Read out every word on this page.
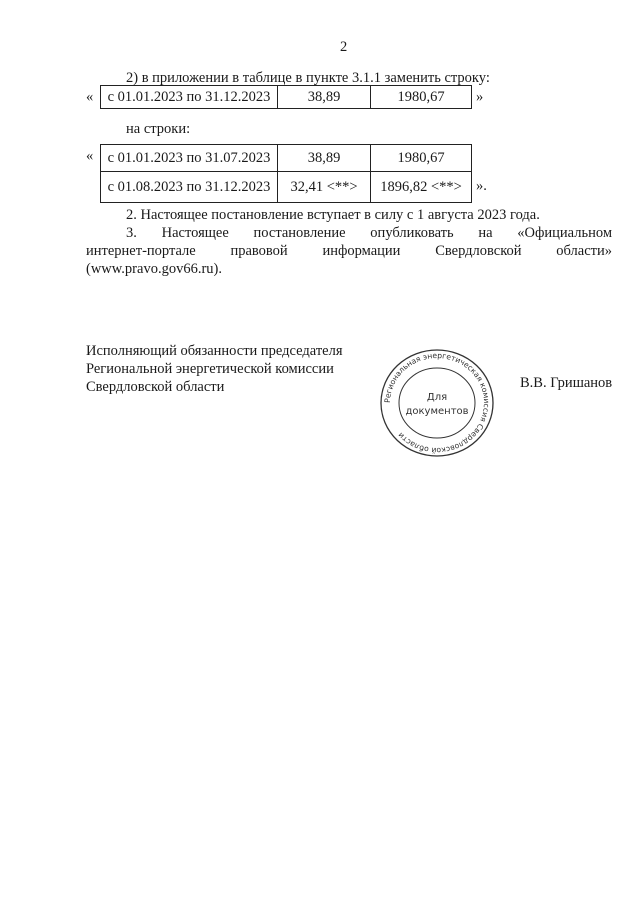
2
2) в приложении в таблице в пункте 3.1.1 заменить строку:
« с 01.01.2023 по 31.12.2023	38,89	1980,67 »
на строки:
« с 01.01.2023 по 31.07.2023	38,89	1980,67
с 01.08.2023 по 31.12.2023	32,41 <**>	1896,82 <**> ».
2. Настоящее постановление вступает в силу с 1 августа 2023 года.
3. Настоящее постановление опубликовать на «Официальном
интернет-портале правовой информации Свердловской области»
(www.pravo.gov66.ru).
Исполняющий обязанности председателя
Региональной энергетической комиссии
Свердловской области	В.В. Гришанов
Региональная энергетическая комиссия Свердловской области
Для
документов
